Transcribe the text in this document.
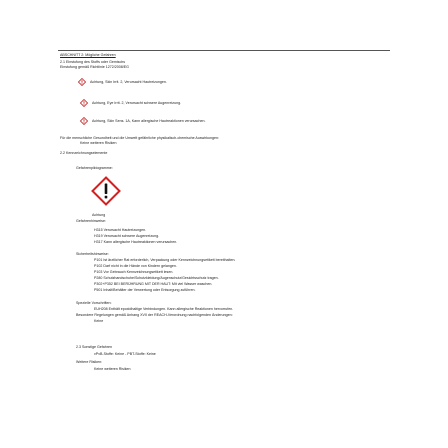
ABSCHNITT 2: Mögliche Gefahren
2.1 Einstufung des Stoffs oder Gemischs
Einstufung gemäß Richtlinie 1272/2008/EG
Achtung, Skin Irrit. 2, Verursacht Hautreizungen.
Achtung, Eye Irrit. 2, Verursacht schwere Augenreizung.
Achtung, Skin Sens. 1A, Kann allergische Hautreaktionen verursachen.
Für die menschliche Gesundheit und die Umwelt gefährliche physikalisch-chemische Auswirkungen:
Keine weiteren Risiken
2.2 Kennzeichnungselemente
Gefahrenpiktogramme:
Achtung
Gefahrenhinweise:
H315 Verursacht Hautreizungen.
H319 Verursacht schwere Augenreizung.
H317 Kann allergische Hautreaktionen verursachen.
Sicherheitshinweise:
P101 Ist ärztlicher Rat erforderlich, Verpackung oder Kennzeichnungsetikett bereithalten.
P102 Darf nicht in die Hände von Kindern gelangen.
P103 Vor Gebrauch Kennzeichnungsetikett lesen.
P280 Schutzhandschuhe/Schutzkleidung/Augenschutz/Gesichtsschutz tragen.
P302+P352 BEI BERÜHRUNG MIT DER HAUT: Mit viel Wasser waschen.
P501 Inhalt/Behälter der Verwertung oder Entsorgung zuführen.
Spezielle Vorschriften:
EUH208 Enthält epoxidhaltige Verbindungen. Kann allergische Reaktionen hervorrufen.
Besondere Regelungen gemäß Anhang XVII der REACH-Verordnung nachfolgenden Änderungen:
Keine
2.3 Sonstige Gefahren
vPvB-Stoffe: Keine - PBT-Stoffe: Keine
Weitere Risiken:
Keine weiteren Risiken
